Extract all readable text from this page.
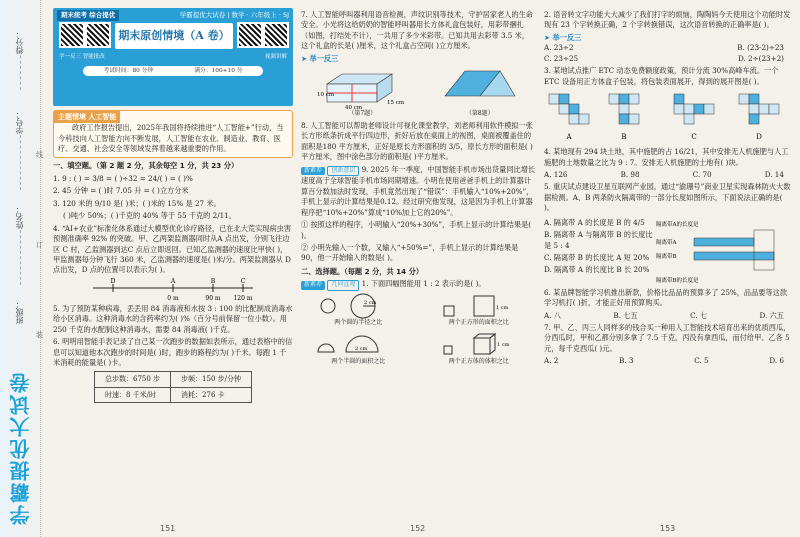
得分：
学号：
姓名：
班级：
线
订
装
学霸提优大试卷
期末统考 综合提优	学霸提优大试卷 | 数学 · 六年级上 · SJ
期末原创情境（A 卷）
学一反三 智能批改	视频讲解
考试时间：80 分钟	满分：100+10 分
主题情境 人工智能
政府工作报告提出，2025年我国将持续推进“人工智能+”行动，当今科技向人工智能方向不断发展，人工智能在农业、制造业、教育、医疗、交通、社会安全等领域发挥着越来越重要的作用。
一、填空题。（第 2 题 2 分，其余每空 1 分，共 23 分）
1. 9 : ( ) = 3/8 = ( )÷32 = 24/( ) = ( )%
2. 45 分钟 = ( )时 7.05 升 = ( )立方分米
3. 120 米的 9/10 是( )米；( )米的 15% 是 27 米。
( )吨少 50%；( )千克的 40% 等于 55 千克的 2/11。
4. “AI+农业”标准化体系通过大模型优化诊疗路径，已在北大荒实现病虫害预测准确率 92% 的突破。甲、乙两架监测器同时从A 点出发，分别飞往边区 C 村，乙监测器到达C 点后立即返回。已知乙监测器的速度比甲快( )，甲监测器每分钟飞行 360 米，乙监测器的速度是( )米/分。两架监测器从 D 点出发，D 点的位置可以表示为( )。
D	A	B	C
0 m	90 m 120 m
5. 为了预防某种病毒，丢丢用 84 消毒液和水按 3 : 100 的比配制成消毒水给小区消毒。这种消毒水的含药率约为( )%（百分号前保留一位小数）。用 250 千克的水配制这种消毒水，需要 84 消毒液( )千克。
6. 明明用智能手表记录了自己某一次跑步的数据如表所示，通过表格中的信息可以知道他本次跑步的时间是( )时，跑步的路程约为( )千米。每跑 1 千米消耗的能量是( )卡。
总步数：6750 步	步频：150 步/分钟
时速：8 千米/时	消耗：276 卡
7. 人工智能呼叫器利用语音检测，声纹识别等技术，守护居家老人的生命安全。小光将这给奶奶的智能呼叫器用长方体礼盒包装好，用彩带捆扎（如图，打结处不计），一共用了多少米彩带。已知共用去彩带 3.5 米，这个礼盒的长是( )厘米，这个礼盒占空间( )立方厘米。
➤ 举一反三
10 cm
40 cm
15 cm
（第7题）	（第8题）
8. 人工智能可以帮助老师设计可视化课堂教学，刘老师利用软件模拟一张长方形纸条折成平行四边形，折好后放在桌面上的视图，桌面被覆盖住的面积是180 平方厘米，正好是原长方形面积的 3/5，原长方形的面积是( )平方厘米，图中涂色部分的面积是( )平方厘米。
新素养 创新意识 9. 2025 年一季度，中国智能手机市场出货量同比增长速度高于全球智能手机市场同期增速。小明在使用爸爸手机上的计算器计算百分数加法时发现，手机竟然出现了“错误”：手机输入“10%+20%”，手机上显示的计算结果是0.12。经过研究他发现，这是因为手机上计算器程序把“10%+20%”算成“10%加上它的20%”。
① 按照这样的程序，小明输入“20%+30%”，手机上显示的计算结果是( )。
② 小明先输入一个数，又输入“+50%=”，手机上显示的计算结果是 90，他一开始输入的数是( )。
二、选择题。（每题 2 分，共 14 分）
新素养 几何直观 1. 下面四幅图能用 1 : 2 表示的是( )。
2 cm
两个圆的半径之比
1 cm
两个正方形的面积之比
2 cm
两个半圆的面积之比
1 cm
两个正方体的体积之比
2. 语音转文字功能大大减少了我们打字的烦恼，陶陶妈今天使用这个功能时发现有 23 个字转换正确，2 个字转换错误，这次语音转换的正确率是( )。
➤ 举一反三
A. 23÷2	B. (23-2)÷23
C. 23÷25	D. 2÷(23+2)
3. 某地试点推广 ETC 动态免费额度政策，预计分流 30%高峰车流。一个 ETC 设备用正方体盒子包装，将包装表面展开，得到的展开图是( )。
A	B	C	D
4. 某地现有 294 块土地，其中施肥的占 16/21，其中安排无人机施肥与人工施肥的土地数量之比为 9 : 7。安排无人机施肥的土地有( )块。
A. 126	B. 98	C. 70	D. 14
5. 重庆试点建设卫星互联网产业园，通过“渝珊号”商业卫星实现森林防火大数据检测。A、B 两条防火隔离带的一部分长度如图所示，下面说法正确的是( )。
A. 隔离带 A 的长度是 B 的 4/5
B. 隔离带 A 与隔离带 B 的长度比是 5 : 4
C. 隔离带 B 的长度比 A 短 20%
D. 隔离带 A 的长度比 B 长 20%
隔离带A的长度是
隔离带B的长度是
隔离带A
隔离带B
6. 某品牌智能学习机推出新款，价格比品品的预算多了 25%，品品要等这款学习机打( )折，才能正好用预算购买。
A. 八	B. 七五	C. 七	D. 六五
7. 甲、乙、丙三人同样多的钱合买一种用人工智能技术培育出来的优质西瓜，分西瓜时，甲和乙都分别多拿了 7.5 千克，丙没有拿西瓜，而付给甲、乙各 5 元，每千克西瓜( )元。
A. 2	B. 3	C. 5	D. 6
151	152	153
